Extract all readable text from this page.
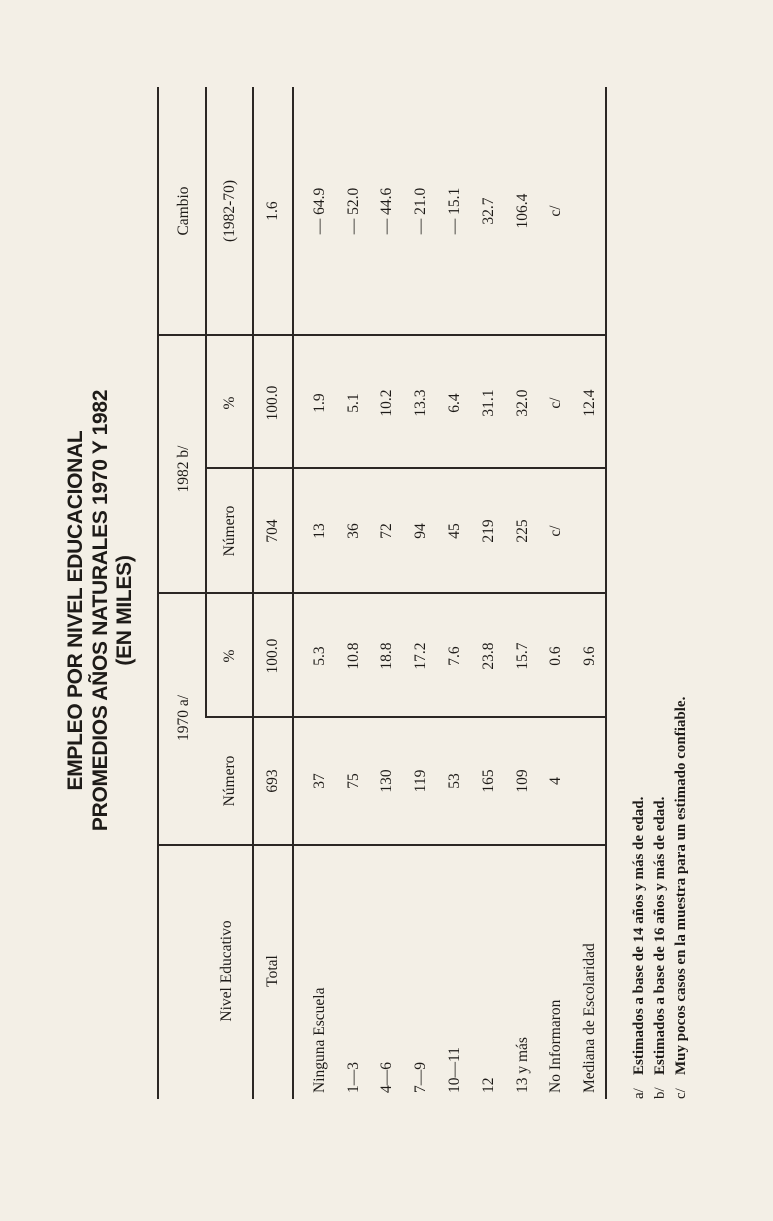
EMPLEO POR NIVEL EDUCACIONAL PROMEDIOS AÑOS NATURALES 1970 Y 1982 (EN MILES)
Nivel Educativo
1970 a/
1982 b/
Cambio
Número
%
Número
%
(1982-70)
Total
693
100.0
704
100.0
1.6
Ninguna Escuela
37
5.3
13
1.9
— 64.9
1—3
75
10.8
36
5.1
— 52.0
4—6
130
18.8
72
10.2
— 44.6
7—9
119
17.2
94
13.3
— 21.0
10—11
53
7.6
45
6.4
— 15.1
12
165
23.8
219
31.1
32.7
13 y más
109
15.7
225
32.0
106.4
No Informaron
4
0.6
c/
c/
c/
Mediana de Escolaridad
9.6
12.4
a/Estimados a base de 14 años y más de edad.
b/Estimados a base de 16 años y más de edad.
c/Muy pocos casos en la muestra para un estimado confiable.
